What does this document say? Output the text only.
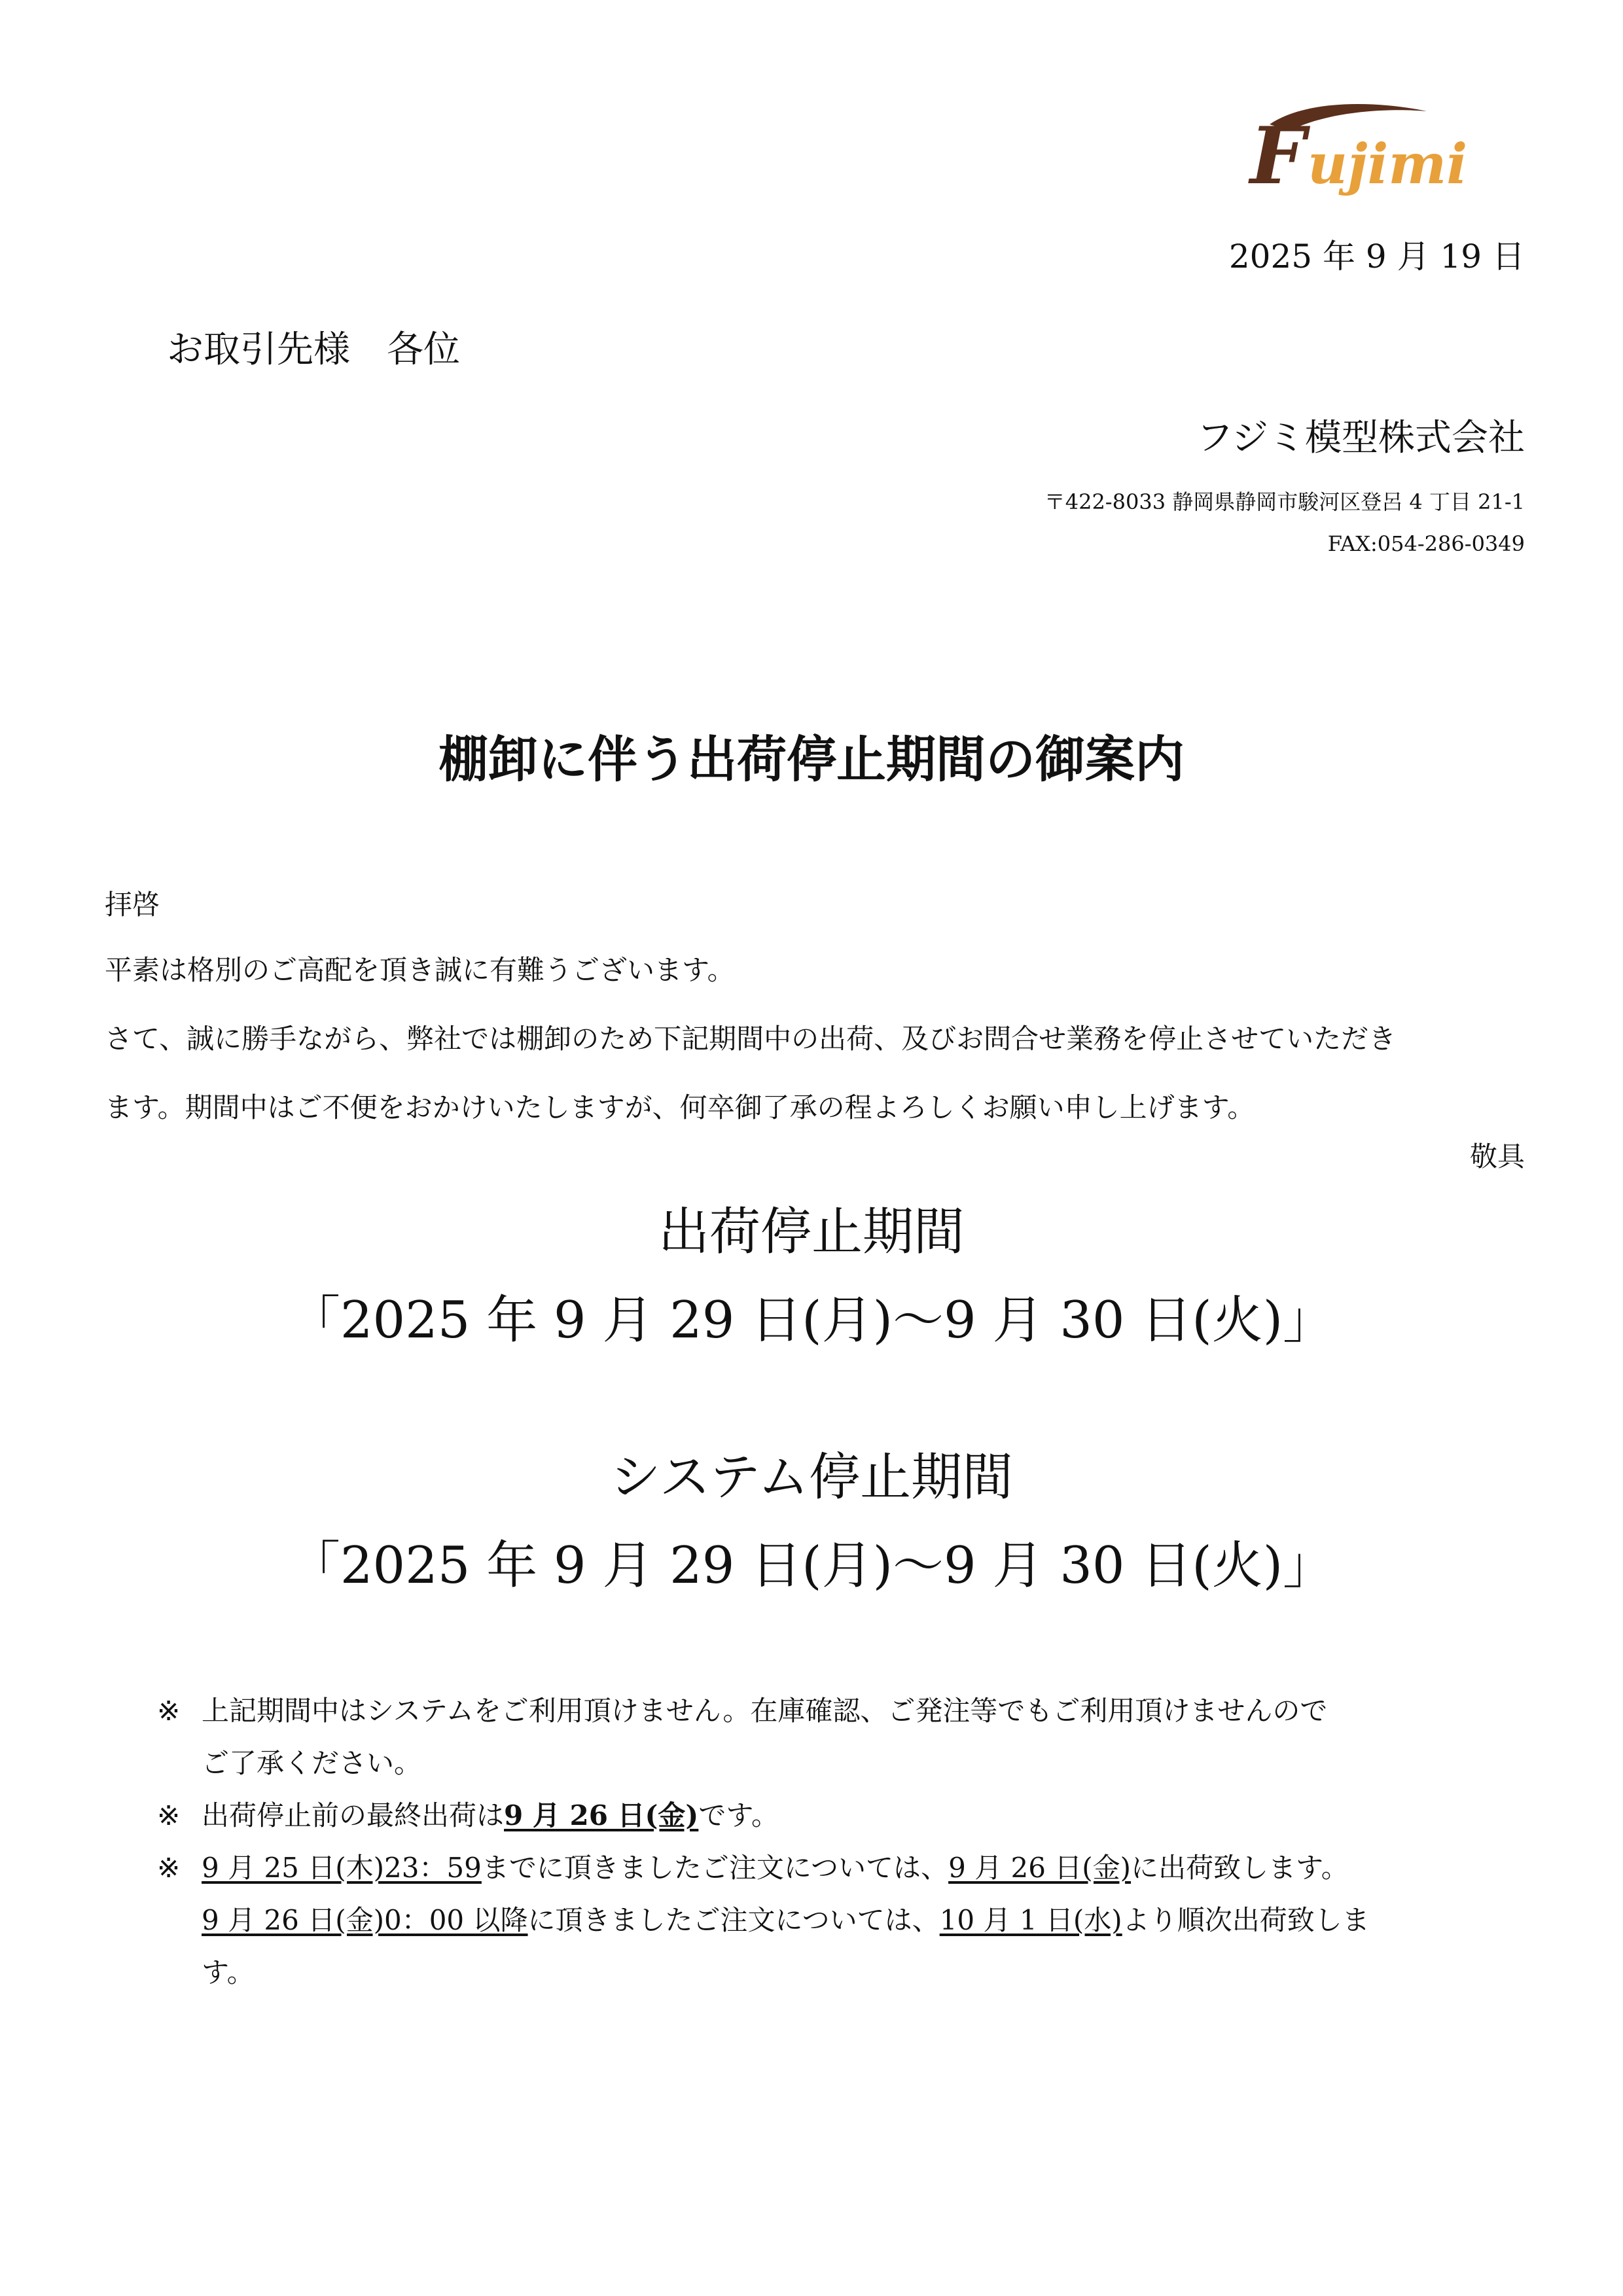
F ujimi
2025 年 9 月 19 日
お取引先様　各位
フジミ模型株式会社
〒422-8033 静岡県静岡市駿河区登呂 4 丁目 21-1
FAX:054-286-0349
棚卸に伴う出荷停止期間の御案内
拝啓
平素は格別のご高配を頂き誠に有難うございます。
さて、誠に勝手ながら、弊社では棚卸のため下記期間中の出荷、及びお問合せ業務を停止させていただき
ます。期間中はご不便をおかけいたしますが、何卒御了承の程よろしくお願い申し上げます。
敬具
出荷停止期間
「2025 年 9 月 29 日(月)～9 月 30 日(火)」
システム停止期間
「2025 年 9 月 29 日(月)～9 月 30 日(火)」
※ 上記期間中はシステムをご利用頂けません。在庫確認、ご発注等でもご利用頂けませんので
ご了承ください。
※ 出荷停止前の最終出荷は9 月 26 日(金)です。
※ 9 月 25 日(木)23：59までに頂きましたご注文については、9 月 26 日(金)に出荷致します。
9 月 26 日(金)0：00 以降に頂きましたご注文については、10 月 1 日(水)より順次出荷致しま
す。
